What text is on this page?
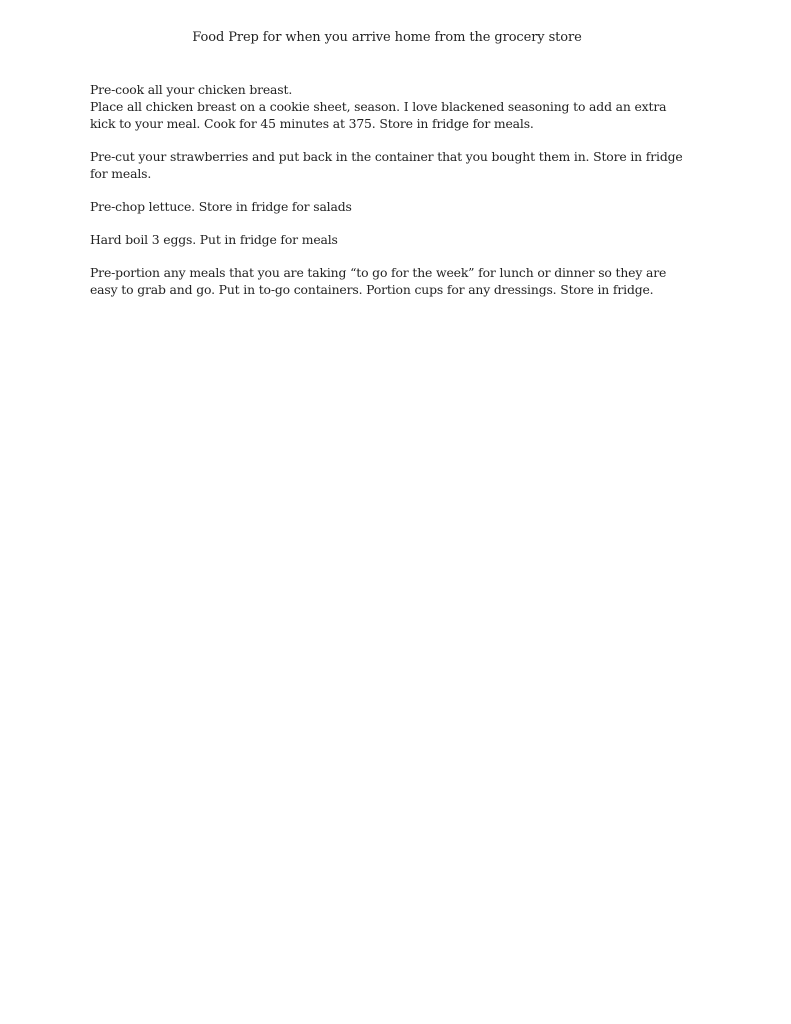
Food Prep for when you arrive home from the grocery store

Pre-cook all your chicken breast.
Place all chicken breast on a cookie sheet, season. I love blackened seasoning to add an extra
kick to your meal. Cook for 45 minutes at 375. Store in fridge for meals.

Pre-cut your strawberries and put back in the container that you bought them in. Store in fridge
for meals.

Pre-chop lettuce. Store in fridge for salads

Hard boil 3 eggs. Put in fridge for meals

Pre-portion any meals that you are taking “to go for the week” for lunch or dinner so they are
easy to grab and go. Put in to-go containers. Portion cups for any dressings. Store in fridge.
